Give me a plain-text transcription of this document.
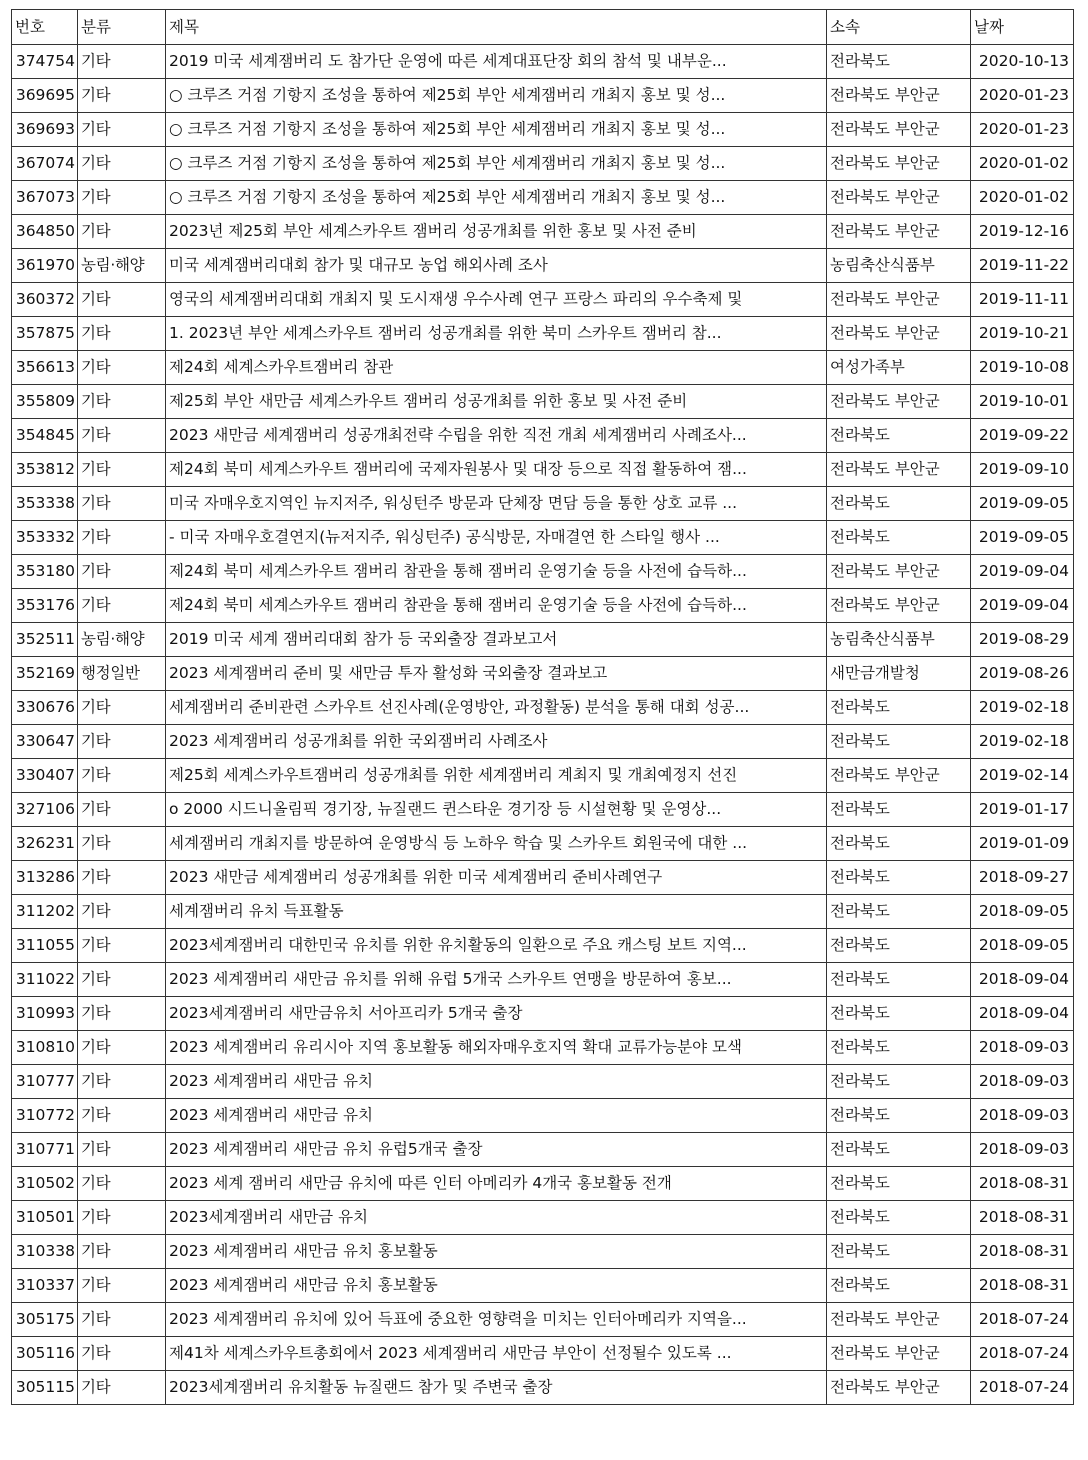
번호	분류	제목	소속	날짜
374754	기타	2019 미국 세계잼버리 도 참가단 운영에 따른 세계대표단장 회의 참석 및 내부운...	전라북도	2020-10-13
369695	기타	○ 크루즈 거점 기항지 조성을 통하여 제25회 부안 세계잼버리 개최지 홍보 및 성...	전라북도 부안군	2020-01-23
369693	기타	○ 크루즈 거점 기항지 조성을 통하여 제25회 부안 세계잼버리 개최지 홍보 및 성...	전라북도 부안군	2020-01-23
367074	기타	○ 크루즈 거점 기항지 조성을 통하여 제25회 부안 세계잼버리 개최지 홍보 및 성...	전라북도 부안군	2020-01-02
367073	기타	○ 크루즈 거점 기항지 조성을 통하여 제25회 부안 세계잼버리 개최지 홍보 및 성...	전라북도 부안군	2020-01-02
364850	기타	2023년 제25회 부안 세계스카우트 잼버리 성공개최를 위한 홍보 및 사전 준비	전라북도 부안군	2019-12-16
361970	농림·해양	미국 세계잼버리대회 참가 및 대규모 농업 해외사례 조사	농림축산식품부	2019-11-22
360372	기타	영국의 세계잼버리대회 개최지 및 도시재생 우수사례 연구 프랑스 파리의 우수축제 및	전라북도 부안군	2019-11-11
357875	기타	1. 2023년 부안 세계스카우트 잼버리 성공개최를 위한 북미 스카우트 잼버리 참...	전라북도 부안군	2019-10-21
356613	기타	제24회 세계스카우트잼버리 참관	여성가족부	2019-10-08
355809	기타	제25회 부안 새만금 세계스카우트 잼버리 성공개최를 위한 홍보 및 사전 준비	전라북도 부안군	2019-10-01
354845	기타	2023 새만금 세계잼버리 성공개최전략 수립을 위한 직전 개최 세계잼버리 사례조사...	전라북도	2019-09-22
353812	기타	제24회 북미 세계스카우트 잼버리에 국제자원봉사 및 대장 등으로 직접 활동하여 잼...	전라북도 부안군	2019-09-10
353338	기타	미국 자매우호지역인 뉴지저주, 워싱턴주 방문과 단체장 면담 등을 통한 상호 교류 ...	전라북도	2019-09-05
353332	기타	- 미국 자매우호결연지(뉴저지주, 워싱턴주) 공식방문, 자매결연 한 스타일 행사 ...	전라북도	2019-09-05
353180	기타	제24회 북미 세계스카우트 잼버리 참관을 통해 잼버리 운영기술 등을 사전에 습득하...	전라북도 부안군	2019-09-04
353176	기타	제24회 북미 세계스카우트 잼버리 참관을 통해 잼버리 운영기술 등을 사전에 습득하...	전라북도 부안군	2019-09-04
352511	농림·해양	2019 미국 세계 잼버리대회 참가 등 국외출장 결과보고서	농림축산식품부	2019-08-29
352169	행정일반	2023 세계잼버리 준비 및 새만금 투자 활성화 국외출장 결과보고	새만금개발청	2019-08-26
330676	기타	세계잼버리 준비관련 스카우트 선진사례(운영방안, 과정활동) 분석을 통해 대회 성공...	전라북도	2019-02-18
330647	기타	2023 세계잼버리 성공개최를 위한 국외잼버리 사례조사	전라북도	2019-02-18
330407	기타	제25회 세계스카우트잼버리 성공개최를 위한 세계잼버리 계최지 및 개최예정지 선진	전라북도 부안군	2019-02-14
327106	기타	o 2000 시드니올림픽 경기장, 뉴질랜드 퀸스타운 경기장 등 시설현황 및 운영상...	전라북도	2019-01-17
326231	기타	세계잼버리 개최지를 방문하여 운영방식 등 노하우 학습 및 스카우트 회원국에 대한 ...	전라북도	2019-01-09
313286	기타	2023 새만금 세계잼버리 성공개최를 위한 미국 세계잼버리 준비사례연구	전라북도	2018-09-27
311202	기타	세계잼버리 유치 득표활동	전라북도	2018-09-05
311055	기타	2023세계잼버리 대한민국 유치를 위한 유치활동의 일환으로 주요 캐스팅 보트 지역...	전라북도	2018-09-05
311022	기타	2023 세계잼버리 새만금 유치를 위해 유럽 5개국 스카우트 연맹을 방문하여 홍보...	전라북도	2018-09-04
310993	기타	2023세계잼버리 새만금유치 서아프리카 5개국 출장	전라북도	2018-09-04
310810	기타	2023 세계잼버리 유리시아 지역 홍보활동 해외자매우호지역 확대 교류가능분야 모색	전라북도	2018-09-03
310777	기타	2023 세계잼버리 새만금 유치	전라북도	2018-09-03
310772	기타	2023 세계잼버리 새만금 유치	전라북도	2018-09-03
310771	기타	2023 세계잼버리 새만금 유치 유럽5개국 출장	전라북도	2018-09-03
310502	기타	2023 세계 잼버리 새만금 유치에 따른 인터 아메리카 4개국 홍보활동 전개	전라북도	2018-08-31
310501	기타	2023세계잼버리 새만금 유치	전라북도	2018-08-31
310338	기타	2023 세계잼버리 새만금 유치 홍보활동	전라북도	2018-08-31
310337	기타	2023 세계잼버리 새만금 유치 홍보활동	전라북도	2018-08-31
305175	기타	2023 세계잼버리 유치에 있어 득표에 중요한 영향력을 미치는 인터아메리카 지역을...	전라북도 부안군	2018-07-24
305116	기타	제41차 세계스카우트총회에서 2023 세계잼버리 새만금 부안이 선정될수 있도록 ...	전라북도 부안군	2018-07-24
305115	기타	2023세계잼버리 유치활동 뉴질랜드 참가 및 주변국 출장	전라북도 부안군	2018-07-24
